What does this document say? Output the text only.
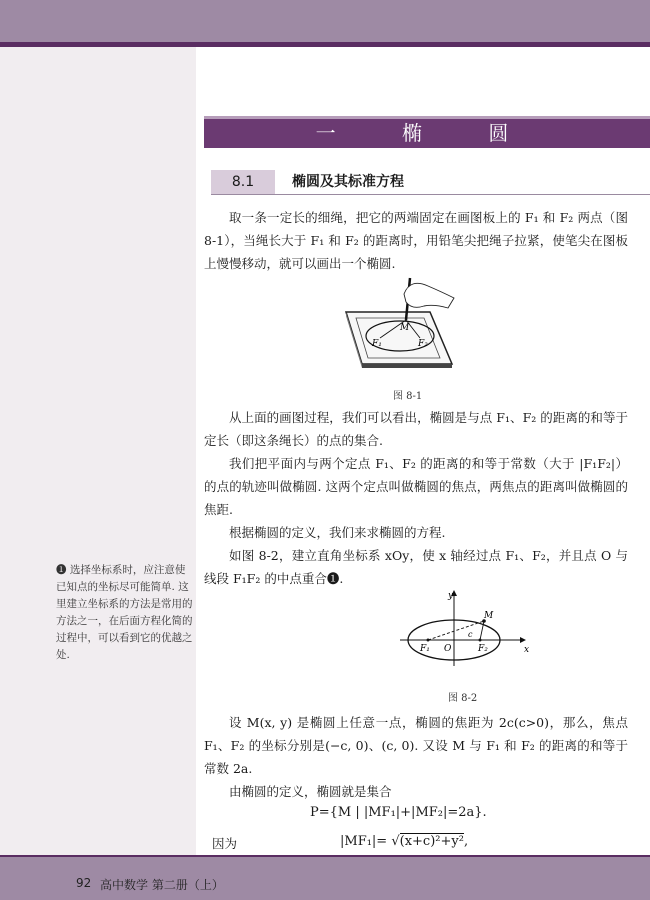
一 椭 圆
8.1	椭圆及其标准方程

取一条一定长的细绳，把它的两端固定在画图板上的 F₁ 和 F₂ 两点（图 8-1），当绳长大于 F₁ 和 F₂ 的距离时，用铅笔尖把绳子拉紧，使笔尖在图板上慢慢移动，就可以画出一个椭圆.

M
F₁	F₂
图 8-1

从上面的画图过程，我们可以看出，椭圆是与点 F₁、F₂ 的距离的和等于定长（即这条绳长）的点的集合.

我们把平面内与两个定点 F₁、F₂ 的距离的和等于常数（大于 |F₁F₂|）的点的轨迹叫做椭圆. 这两个定点叫做椭圆的焦点，两焦点的距离叫做椭圆的焦距.

根据椭圆的定义，我们来求椭圆的方程.

如图 8-2，建立直角坐标系 xOy，使 x 轴经过点 F₁、F₂，并且点 O 与线段 F₁F₂ 的中点重合❶.

❶ 选择坐标系时，应注意使已知点的坐标尽可能简单. 这里建立坐标系的方法是常用的方法之一，在后面方程化简的过程中，可以看到它的优越之处.

y
x
M
c
O
F₁	F₂
图 8-2

设 M(x, y) 是椭圆上任意一点，椭圆的焦距为 2c(c>0)，那么，焦点 F₁、F₂ 的坐标分别是(−c, 0)、(c, 0). 又设 M 与 F₁ 和 F₂ 的距离的和等于常数 2a.

由椭圆的定义，椭圆就是集合

P={M | |MF₁|+|MF₂|=2a}.
因为	|MF₁|= √(x+c)²+y²,
92 高中数学 第二册（上）
